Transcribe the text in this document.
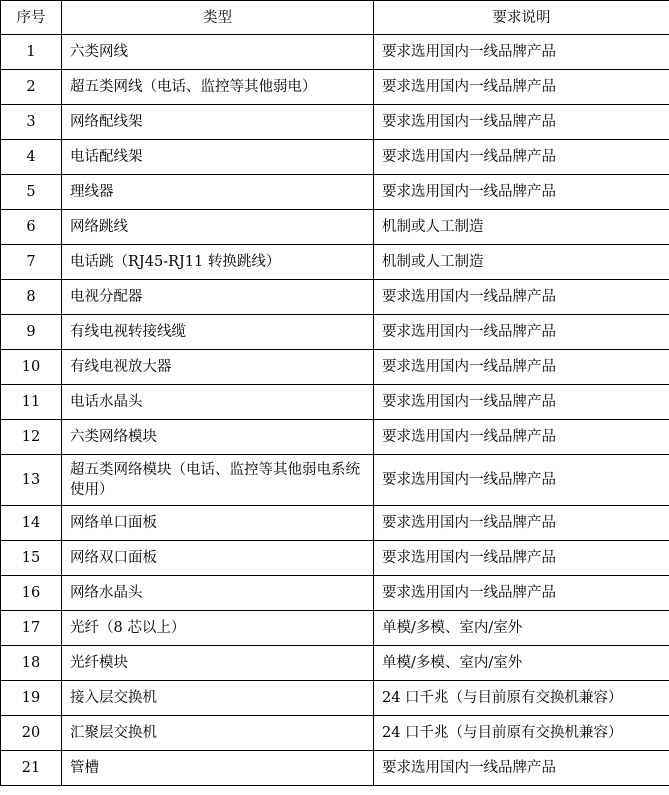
序号	类型	要求说明
1	六类网线	要求选用国内一线品牌产品
2	超五类网线（电话、监控等其他弱电）	要求选用国内一线品牌产品
3	网络配线架	要求选用国内一线品牌产品
4	电话配线架	要求选用国内一线品牌产品
5	理线器	要求选用国内一线品牌产品
6	网络跳线	机制或人工制造
7	电话跳（RJ45-RJ11 转换跳线）	机制或人工制造
8	电视分配器	要求选用国内一线品牌产品
9	有线电视转接线缆	要求选用国内一线品牌产品
10	有线电视放大器	要求选用国内一线品牌产品
11	电话水晶头	要求选用国内一线品牌产品
12	六类网络模块	要求选用国内一线品牌产品
13	超五类网络模块（电话、监控等其他弱电系统使用）	要求选用国内一线品牌产品
14	网络单口面板	要求选用国内一线品牌产品
15	网络双口面板	要求选用国内一线品牌产品
16	网络水晶头	要求选用国内一线品牌产品
17	光纤（8 芯以上）	单模/多模、室内/室外
18	光纤模块	单模/多模、室内/室外
19	接入层交换机	24 口千兆（与目前原有交换机兼容）
20	汇聚层交换机	24 口千兆（与目前原有交换机兼容）
21	管槽	要求选用国内一线品牌产品
